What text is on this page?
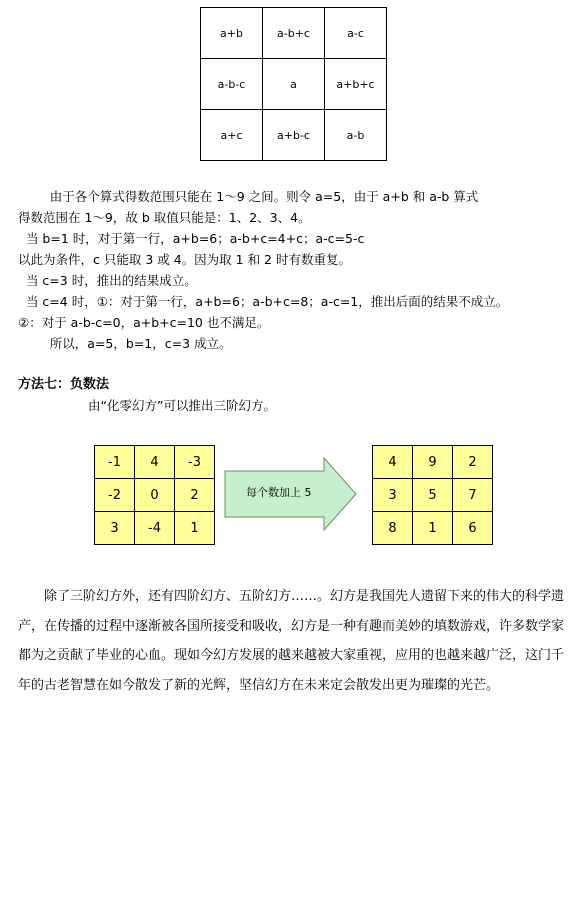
a+b	a-b+c	a-c
a-b-c	a	a+b+c
a+c	a+b-c	a-b
由于各个算式得数范围只能在 1～9 之间。则令 a=5，由于 a+b 和 a-b 算式
得数范围在 1～9，故 b 取值只能是：1、2、3、4。
当 b=1 时，对于第一行，a+b=6；a-b+c=4+c；a-c=5-c
以此为条件，c 只能取 3 或 4。因为取 1 和 2 时有数重复。
当 c=3 时，推出的结果成立。
当 c=4 时，①：对于第一行，a+b=6；a-b+c=8；a-c=1，推出后面的结果不成立。
②：对于 a-b-c=0，a+b+c=10 也不满足。
所以，a=5，b=1，c=3 成立。
方法七：负数法
由“化零幻方”可以推出三阶幻方。
-1	4	-3
-2	0	2
3	-4	1
每个数加上 5
4	9	2
3	5	7
8	1	6
除了三阶幻方外，还有四阶幻方、五阶幻方……。幻方是我国先人遗留下来的伟大的科学遗产，在传播的过程中逐渐被各国所接受和吸收，幻方是一种有趣而美妙的填数游戏，许多数学家都为之贡献了毕业的心血。现如今幻方发展的越来越被大家重视，应用的也越来越广泛，这门千年的古老智慧在如今散发了新的光辉，坚信幻方在未来定会散发出更为璀璨的光芒。
